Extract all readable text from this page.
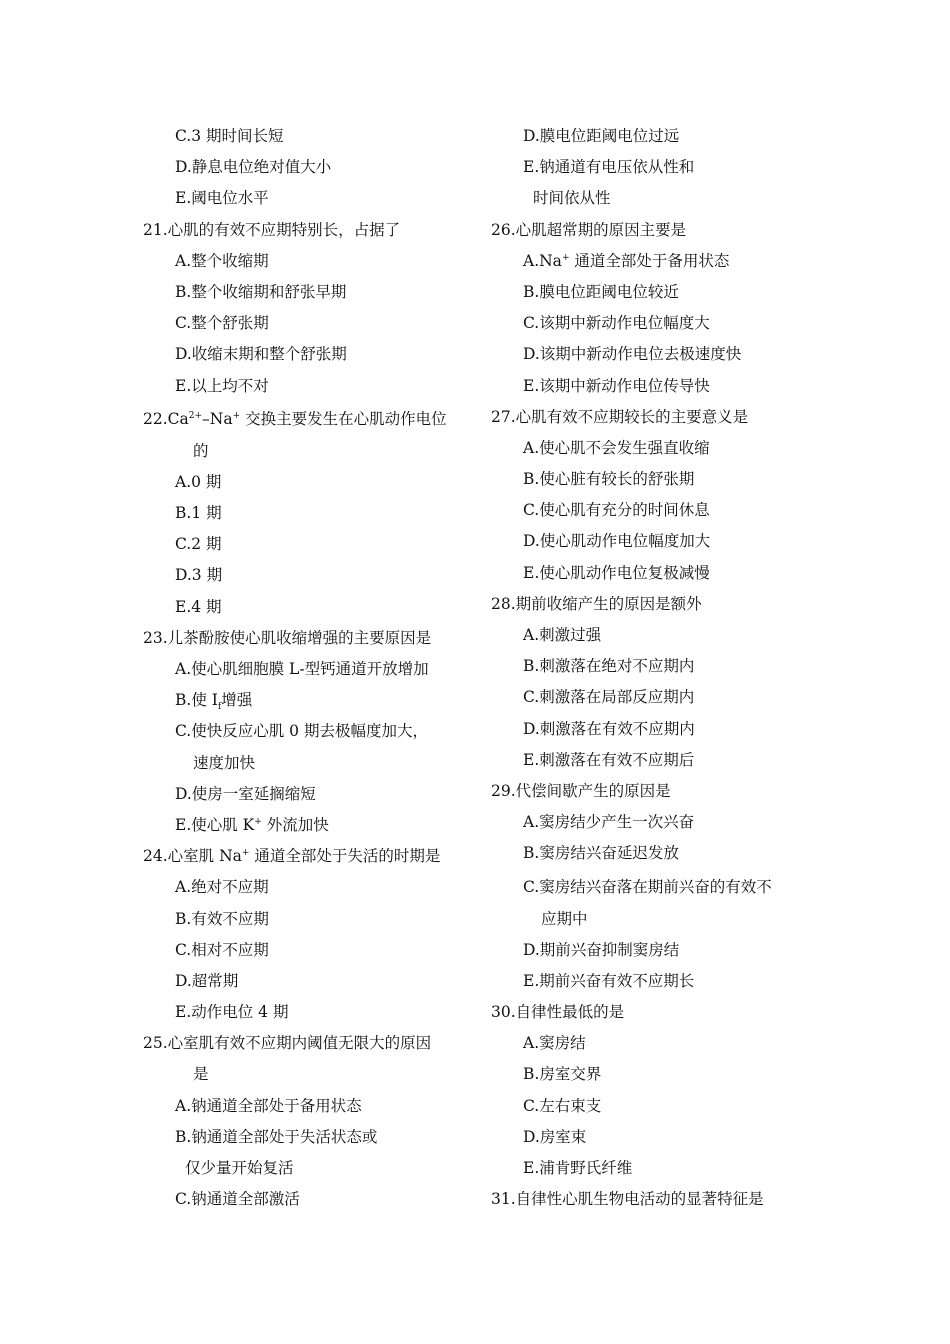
C.3 期时间长短
D.静息电位绝对值大小
E.阈电位水平
21.心肌的有效不应期特别长，占据了
A.整个收缩期
B.整个收缩期和舒张早期
C.整个舒张期
D.收缩末期和整个舒张期
E.以上均不对
$22.Ca^{2+}-Na^+$ 交换主要发生在心肌动作电位
的
A.0 期
B.1 期
C.2 期
D.3 期
E.4 期
23.儿茶酚胺使心肌收缩增强的主要原因是
A.使心肌细胞膜 L-型钙通道开放增加
B.使 $I_f$增强
C.使快反应心肌 0 期去极幅度加大，
速度加快
D.使房一室延搁缩短
E.使心肌 K+ 外流加快
24.心室肌 Na+ 通道全部处于失活的时期是
A.绝对不应期
B.有效不应期
C.相对不应期
D.超常期
E.动作电位 4 期
25.心室肌有效不应期内阈值无限大的原因
是
A.钠通道全部处于备用状态
B.钠通道全部处于失活状态或
仅少量开始复活
C.钠通道全部激活
D.膜电位距阈电位过远
E.钠通道有电压依从性和
时间依从性
26.心肌超常期的原因主要是
A.Na+ 通道全部处于备用状态
B.膜电位距阈电位较近
C.该期中新动作电位幅度大
D.该期中新动作电位去极速度快
E.该期中新动作电位传导快
27.心肌有效不应期较长的主要意义是
A.使心肌不会发生强直收缩
B.使心脏有较长的舒张期
C.使心肌有充分的时间休息
D.使心肌动作电位幅度加大
E.使心肌动作电位复极减慢
28.期前收缩产生的原因是额外
A.刺激过强
B.刺激落在绝对不应期内
C.刺激落在局部反应期内
D.刺激落在有效不应期内
E.刺激落在有效不应期后
29.代偿间歇产生的原因是
A.窦房结少产生一次兴奋
B.窦房结兴奋延迟发放
C.窦房结兴奋落在期前兴奋的有效不
应期中
D.期前兴奋抑制窦房结
E.期前兴奋有效不应期长
30.自律性最低的是
A.窦房结
B.房室交界
C.左右束支
D.房室束
E.浦肯野氏纤维
31.自律性心肌生物电活动的显著特征是
